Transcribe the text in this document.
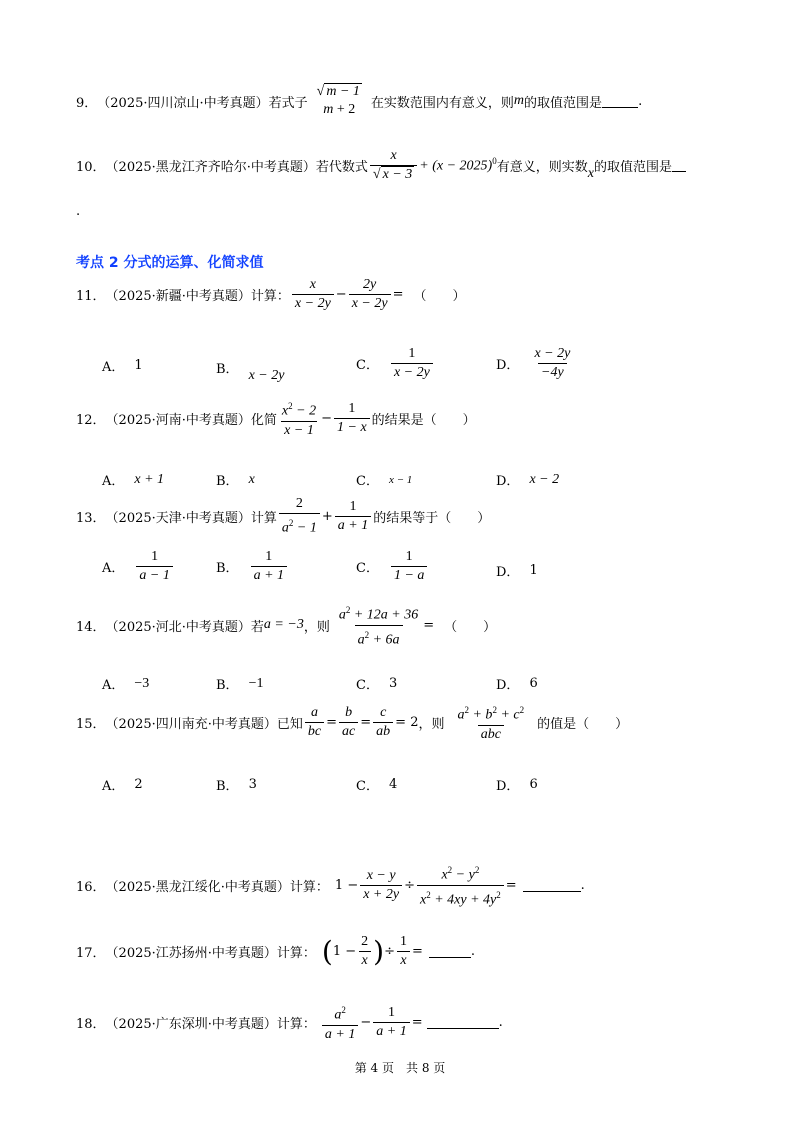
9． （2025·四川凉山·中考真题） 若式子
√ m − 1
m + 2 在实数范围内有意义，则 m 的取值范围是	.
10． （2025·黑龙江齐齐哈尔·中考真题） 若代数式 $\frac{x}{√ x - 3} + (x - 2025)^0$ 有意义，则实数 x 的取值范围是
.
考点 2 分式的运算、化简求值
11． （2025·新疆·中考真题） 计算： $\frac{x}{x - 2y} - \frac{2y}{x - 2y}$ = （　　）
A． 1	B． x − 2y
C． $\frac{1}{x - 2y}$	D． $\frac{x - 2y}{-4y}$
12． （2025·河南·中考真题） 化简 $\frac{x^2 - 2}{x - 1} - \frac{1}{1 - x}$ 的结果是（　　）
A． x + 1	B． x	C． x − 1	D． x − 2
13． （2025·天津·中考真题） 计算 $\frac{2}{a^2 - 1} + \frac{1}{a + 1}$ 的结果等于（　　）
A． $\frac{1}{a - 1}$	B． $\frac{1}{a + 1}$	C． $\frac{1}{1 - a}$	D． 1
14． （2025·河北·中考真题） 若 a = −3 ，则 $\frac{a^2 + 12a + 36}{a^2 + 6a}$ = （　　）
A． −3	B． −1	C． 3	D． 6
15． （2025·四川南充·中考真题） 已知 $\frac{a}{bc} = \frac{b}{ac} = \frac{c}{ab} = 2$ ，则 $\frac{a^2 + b^2 + c^2}{\text{abc}}$ 的值是（　　）
A． 2	B． 3	C． 4	D． 6
16． （2025·黑龙江绥化·中考真题） 计算： $1 - \frac{x - y}{x + 2y} \div \frac{x^2 - y^2}{x^2 + 4xy + 4y^2}$ =	.
17． （2025·江苏扬州·中考真题） 计算： ( $1 - \frac{2}{x}$ ) ÷ $\frac{1}{x}$ =	.
18． （2025·广东深圳·中考真题） 计算： $\frac{a^2}{a + 1} - \frac{1}{a + 1}$ =	.
第 4 页　共 8 页
